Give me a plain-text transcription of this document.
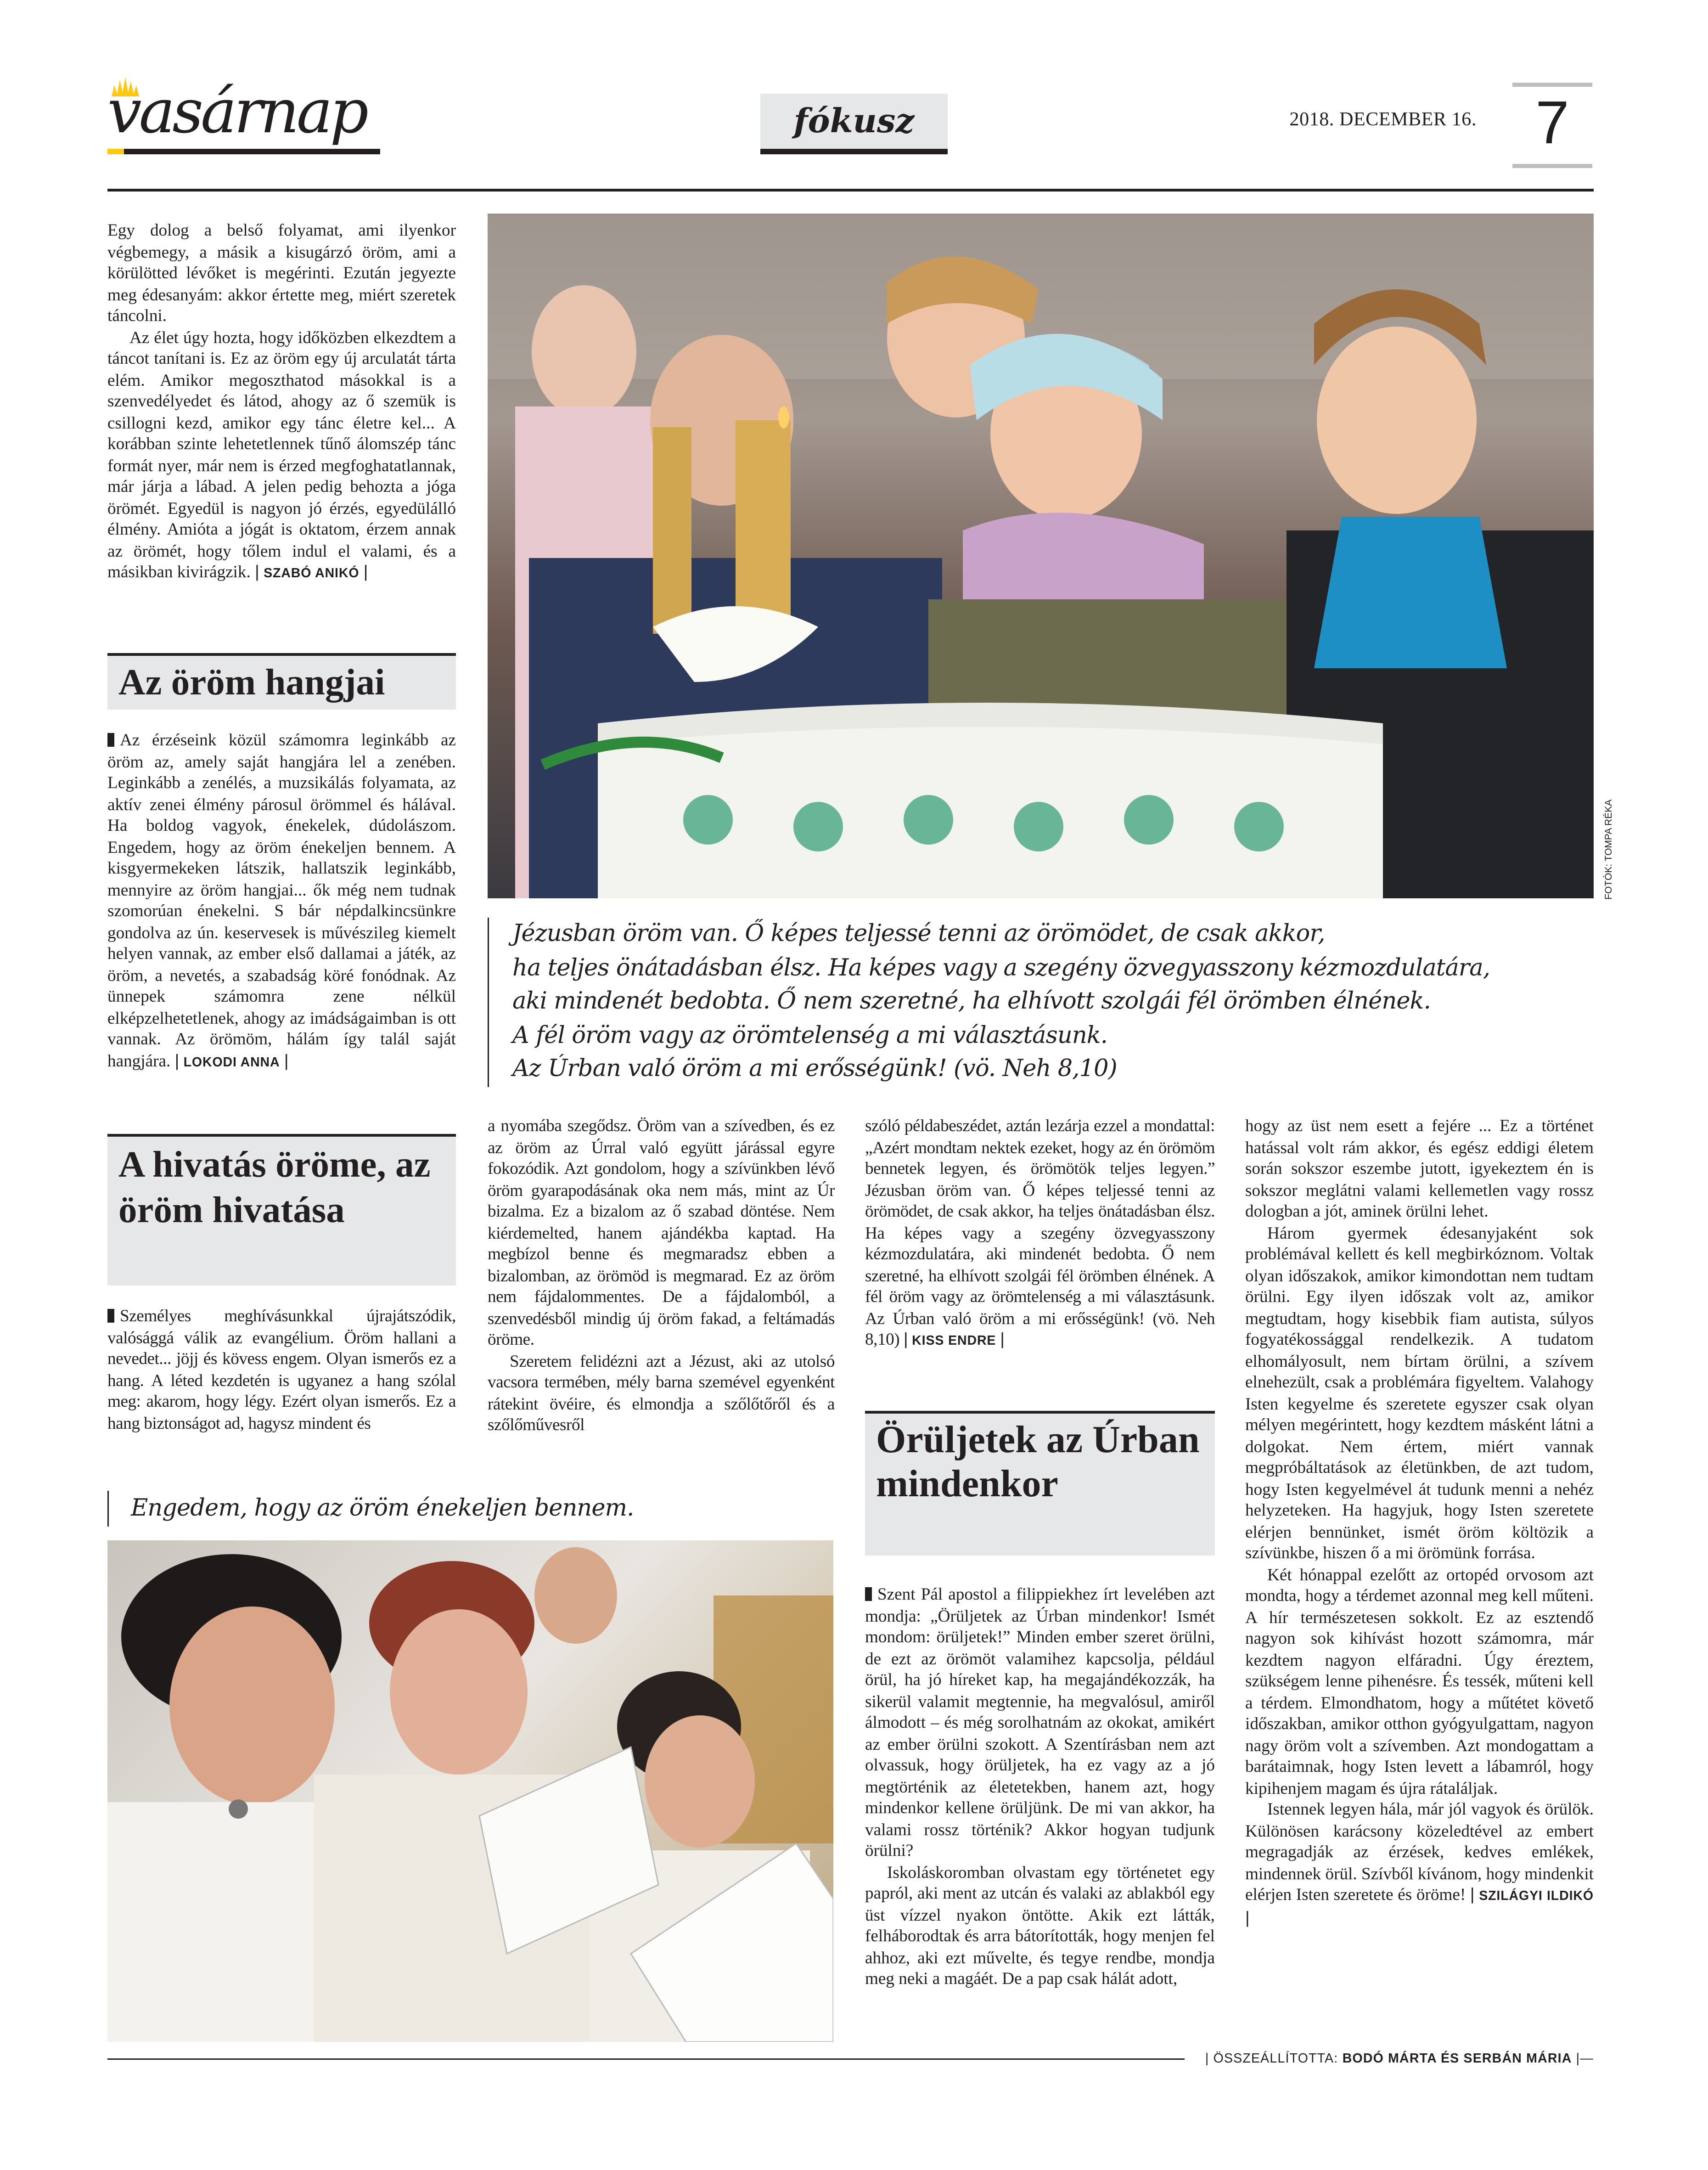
vasárnap	fókusz	2018. DECEMBER 16.	7

Egy dolog a belső folyamat, ami ilyenkor végbemegy, a másik a kisugárzó öröm, ami a körülötted lévőket is megérinti. Ezután jegyezte meg édesanyám: akkor értette meg, miért szeretek táncolni.

Az élet úgy hozta, hogy időközben elkezdtem a táncot tanítani is. Ez az öröm egy új arculatát tárta elém. Amikor megoszthatod másokkal is a szenvedélyedet és látod, ahogy az ő szemük is csillogni kezd, amikor egy tánc életre kel... A korábban szinte lehetetlennek tűnő álomszép tánc formát nyer, már nem is érzed megfoghatatlannak, már járja a lábad. A jelen pedig behozta a jóga örömét. Egyedül is nagyon jó érzés, egyedülálló élmény. Amióta a jógát is oktatom, érzem annak az örömét, hogy tőlem indul el valami, és a másikban kivirágzik. | SZABÓ ANIKÓ |

Az öröm hangjai

Az érzéseink közül számomra leginkább az öröm az, amely saját hangjára lel a zenében. Leginkább a zenélés, a muzsikálás folyamata, az aktív zenei élmény párosul örömmel és hálával. Ha boldog vagyok, énekelek, dúdolászom. Engedem, hogy az öröm énekeljen bennem. A kisgyermekeken látszik, hallatszik leginkább, mennyire az öröm hangjai... ők még nem tudnak szomorúan énekelni. S bár népdalkincsünkre gondolva az ún. keservesek is művészileg kiemelt helyen vannak, az ember első dallamai a játék, az öröm, a nevetés, a szabadság köré fonódnak. Az ünnepek számomra zene nélkül elképzelhetetlenek, ahogy az imádságaimban is ott vannak. Az örömöm, hálám így talál saját hangjára. | LOKODI ANNA |

A hivatás öröme, az öröm hivatása

Személyes meghívásunkkal újrajátszódik, valósággá válik az evangélium. Öröm hallani a nevedet... jöjj és kövess engem. Olyan ismerős ez a hang. A léted kezdetén is ugyanez a hang szólal meg: akarom, hogy légy. Ezért olyan ismerős. Ez a hang biztonságot ad, hagysz mindent és

FOTÓK: TOMPA RÉKA
Jézusban öröm van. Ő képes teljessé tenni az örömödet, de csak akkor,
ha teljes önátadásban élsz. Ha képes vagy a szegény özvegyasszony kézmozdulatára,
aki mindenét bedobta. Ő nem szeretné, ha elhívott szolgái fél örömben élnének.
A fél öröm vagy az örömtelenség a mi választásunk.
Az Úrban való öröm a mi erősségünk! (vö. Neh 8,10)

a nyomába szegődsz. Öröm van a szívedben, és ez az öröm az Úrral való együtt járással egyre fokozódik. Azt gondolom, hogy a szívünkben lévő öröm gyarapodásának oka nem más, mint az Úr bizalma. Ez a bizalom az ő szabad döntése. Nem kiérdemelted, hanem ajándékba kaptad. Ha megbízol benne és megmaradsz ebben a bizalomban, az örömöd is megmarad. Ez az öröm nem fájdalommentes. De a fájdalomból, a szenvedésből mindig új öröm fakad, a feltámadás öröme.

Szeretem felidézni azt a Jézust, aki az utolsó vacsora termében, mély barna szemével egyenként rátekint övéire, és elmondja a szőlőtőről és a szőlőművesről

szóló példabeszédet, aztán lezárja ezzel a mondattal: „Azért mondtam nektek ezeket, hogy az én örömöm bennetek legyen, és örömötök teljes legyen.” Jézusban öröm van. Ő képes teljessé tenni az örömödet, de csak akkor, ha teljes önátadásban élsz. Ha képes vagy a szegény özvegyasszony kézmozdulatára, aki mindenét bedobta. Ő nem szeretné, ha elhívott szolgái fél örömben élnének. A fél öröm vagy az örömtelenség a mi választásunk. Az Úrban való öröm a mi erősségünk! (vö. Neh 8,10) | KISS ENDRE |

Örüljetek az Úrban mindenkor

Szent Pál apostol a filippiekhez írt levelében azt mondja: „Örüljetek az Úrban mindenkor! Ismét mondom: örüljetek!” Minden ember szeret örülni, de ezt az örömöt valamihez kapcsolja, például örül, ha jó híreket kap, ha megajándékozzák, ha sikerül valamit megtennie, ha megvalósul, amiről álmodott – és még sorolhatnám az okokat, amikért az ember örülni szokott. A Szentírásban nem azt olvassuk, hogy örüljetek, ha ez vagy az a jó megtörténik az életetekben, hanem azt, hogy mindenkor kellene örüljünk. De mi van akkor, ha valami rossz történik? Akkor hogyan tudjunk örülni?

Iskoláskoromban olvastam egy történetet egy papról, aki ment az utcán és valaki az ablakból egy üst vízzel nyakon öntötte. Akik ezt látták, felháborodtak és arra bátorították, hogy menjen fel ahhoz, aki ezt művelte, és tegye rendbe, mondja meg neki a magáét. De a pap csak hálát adott,

hogy az üst nem esett a fejére ... Ez a történet hatással volt rám akkor, és egész eddigi életem során sokszor eszembe jutott, igyekeztem én is sokszor meglátni valami kellemetlen vagy rossz dologban a jót, aminek örülni lehet.

Három gyermek édesanyjaként sok problémával kellett és kell megbirkóznom. Voltak olyan időszakok, amikor kimondottan nem tudtam örülni. Egy ilyen időszak volt az, amikor megtudtam, hogy kisebbik fiam autista, súlyos fogyatékossággal rendelkezik. A tudatom elhomályosult, nem bírtam örülni, a szívem elnehezült, csak a problémára figyeltem. Valahogy Isten kegyelme és szeretete egyszer csak olyan mélyen megérintett, hogy kezdtem másként látni a dolgokat. Nem értem, miért vannak megpróbáltatások az életünkben, de azt tudom, hogy Isten kegyelmével át tudunk menni a nehéz helyzeteken. Ha hagyjuk, hogy Isten szeretete elérjen bennünket, ismét öröm költözik a szívünkbe, hiszen ő a mi örömünk forrása.

Két hónappal ezelőtt az ortopéd orvosom azt mondta, hogy a térdemet azonnal meg kell műteni. A hír természetesen sokkolt. Ez az esztendő nagyon sok kihívást hozott számomra, már kezdtem nagyon elfáradni. Úgy éreztem, szükségem lenne pihenésre. És tessék, műteni kell a térdem. Elmondhatom, hogy a műtétet követő időszakban, amikor otthon gyógyulgattam, nagyon nagy öröm volt a szívemben. Azt mondogattam a barátaimnak, hogy Isten levett a lábamról, hogy kipihenjem magam és újra rátaláljak.

Istennek legyen hála, már jól vagyok és örülök. Különösen karácsony közeledtével az embert megragadják az érzések, kedves emlékek, mindennek örül. Szívből kívánom, hogy mindenkit elérjen Isten szeretete és öröme! | SZILÁGYI ILDIKÓ |

Engedem, hogy az öröm énekeljen bennem.
| ÖSSZEÁLLÍTOTTA: BODÓ MÁRTA ÉS SERBÁN MÁRIA |—
